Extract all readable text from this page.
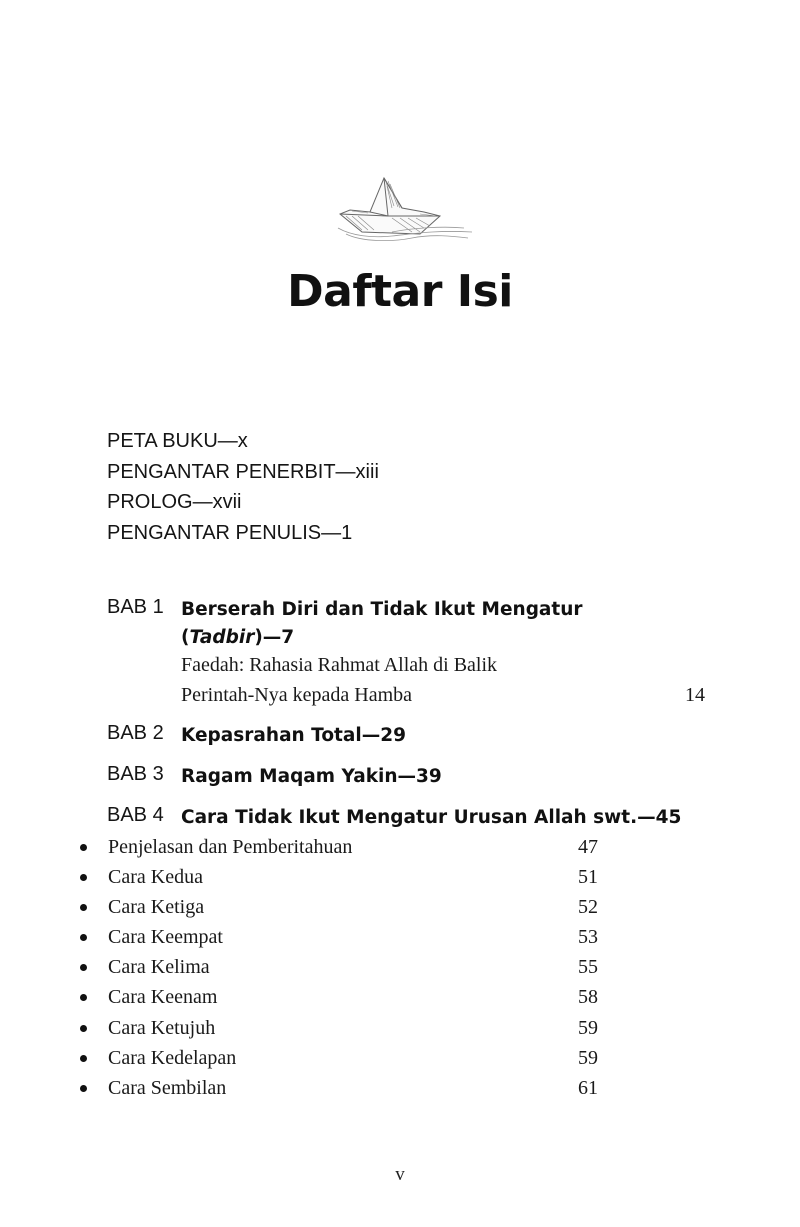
Daftar Isi
PETA BUKU—x
PENGANTAR PENERBIT—xiii
PROLOG—xvii
PENGANTAR PENULIS—1
BAB 1 Berserah Diri dan Tidak Ikut Mengatur
(Tadbir)—7
Faedah: Rahasia Rahmat Allah di Balik
Perintah-Nya kepada Hamba	14
BAB 2 Kepasrahan Total—29
BAB 3 Ragam Maqam Yakin—39
BAB 4 Cara Tidak Ikut Mengatur Urusan Allah swt.—45
Penjelasan dan Pemberitahuan	47
Cara Kedua	51
Cara Ketiga	52
Cara Keempat	53
Cara Kelima	55
Cara Keenam	58
Cara Ketujuh	59
Cara Kedelapan	59
Cara Sembilan	61
v
